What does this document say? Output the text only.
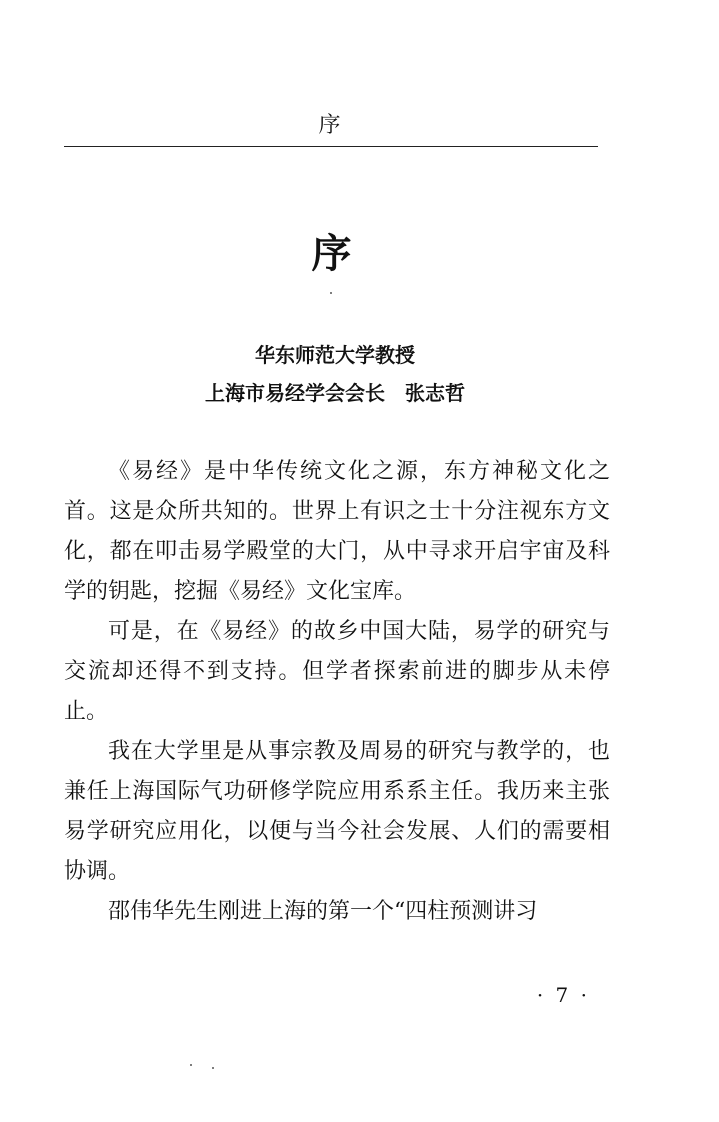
序
序
华东师范大学教授
上海市易经学会会长　张志哲

《易经》是中华传统文化之源，东方神秘文化之首。这是众所共知的。世界上有识之士十分注视东方文化，都在叩击易学殿堂的大门，从中寻求开启宇宙及科学的钥匙，挖掘《易经》文化宝库。

可是，在《易经》的故乡中国大陆，易学的研究与交流却还得不到支持。但学者探索前进的脚步从未停止。

我在大学里是从事宗教及周易的研究与教学的，也兼任上海国际气功研修学院应用系系主任。我历来主张易学研究应用化，以便与当今社会发展、人们的需要相协调。

邵伟华先生刚进上海的第一个“四柱预测讲习

· 7 ·
